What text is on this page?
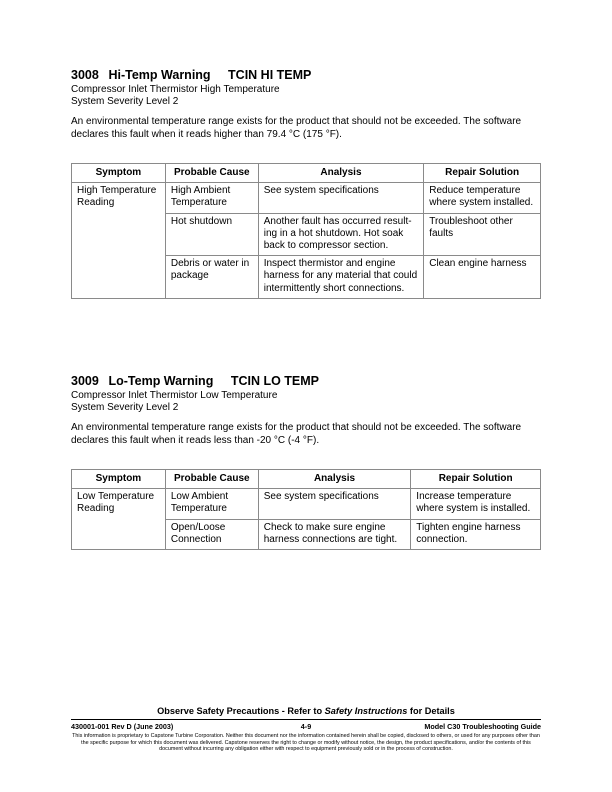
3008 Hi-Temp Warning TCIN HI TEMP

Compressor Inlet Thermistor High Temperature

System Severity Level 2

An environmental temperature range exists for the product that should not be exceeded. The software declares this fault when it reads higher than 79.4 °C (175 °F).

Symptom	Probable Cause	Analysis	Repair Solution
High Temperature Reading	High Ambient Temperature	See system specifications	Reduce temperature where system installed.
	Hot shutdown	Another fault has occurred result-ing in a hot shutdown. Hot soak back to compressor section.	Troubleshoot other faults
	Debris or water in package	Inspect thermistor and engine harness for any material that could intermittently short connections.	Clean engine harness

3009 Lo-Temp Warning TCIN LO TEMP

Compressor Inlet Thermistor Low Temperature

System Severity Level 2

An environmental temperature range exists for the product that should not be exceeded. The software declares this fault when it reads less than -20 °C (-4 °F).

Symptom	Probable Cause	Analysis	Repair Solution
Low Temperature Reading	Low Ambient Temperature	See system specifications	Increase temperature where system is installed.
	Open/Loose Connection	Check to make sure engine harness connections are tight.	Tighten engine harness connection.
Observe Safety Precautions - Refer to Safety Instructions for Details
430001-001 Rev D (June 2003)	4-9	Model C30 Troubleshooting Guide
This information is proprietary to Capstone Turbine Corporation. Neither this document nor the information contained herein shall be copied, disclosed to others, or used for any purposes other than the specific purpose for which this document was delivered. Capstone reserves the right to change or modify without notice, the design, the product specifications, and/or the contents of this document without incurring any obligation either with respect to equipment previously sold or in the process of construction.
